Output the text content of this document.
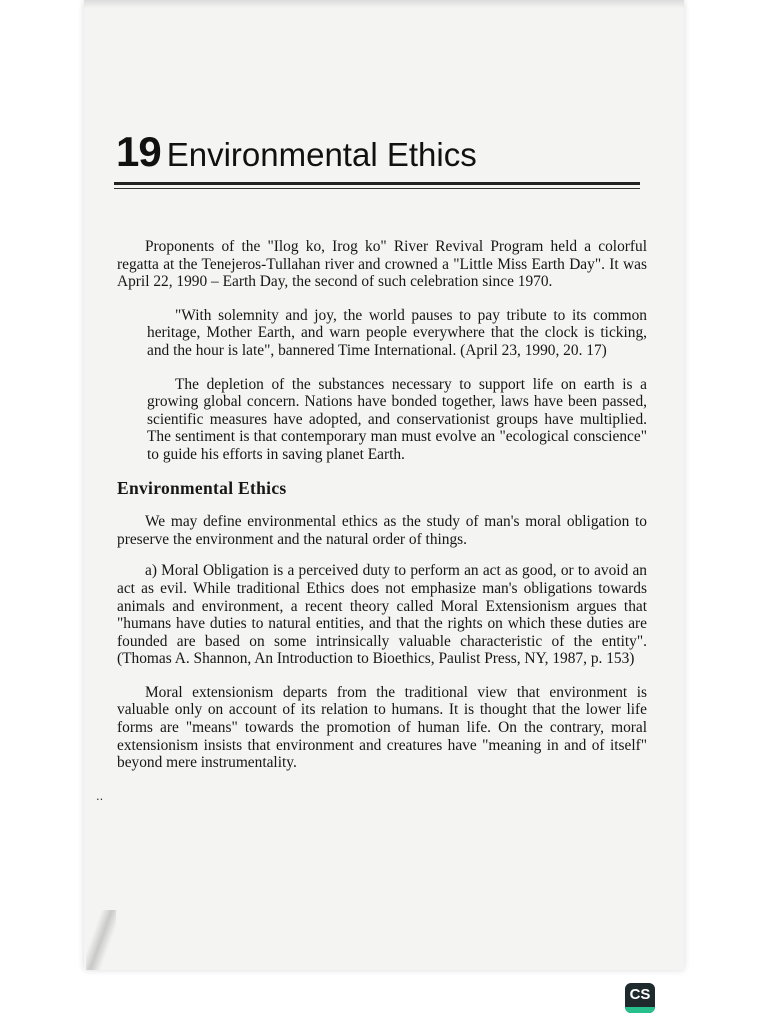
19 Environmental Ethics

Proponents of the "Ilog ko, Irog ko" River Revival Program held a colorful regatta at the Tenejeros-Tullahan river and crowned a "Little Miss Earth Day". It was April 22, 1990 – Earth Day, the second of such celebration since 1970.

"With solemnity and joy, the world pauses to pay tribute to its common heritage, Mother Earth, and warn people everywhere that the clock is ticking, and the hour is late", bannered Time International. (April 23, 1990, 20. 17)

The depletion of the substances necessary to support life on earth is a growing global concern. Nations have bonded together, laws have been passed, scientific measures have adopted, and conservationist groups have multiplied. The sentiment is that contemporary man must evolve an "ecological conscience" to guide his efforts in saving planet Earth.

Environmental Ethics

We may define environmental ethics as the study of man's moral obligation to preserve the environment and the natural order of things.

a) Moral Obligation is a perceived duty to perform an act as good, or to avoid an act as evil. While traditional Ethics does not emphasize man's obligations towards animals and environment, a recent theory called Moral Extensionism argues that "humans have duties to natural entities, and that the rights on which these duties are founded are based on some intrinsically valuable characteristic of the entity". (Thomas A. Shannon, An Introduction to Bioethics, Paulist Press, NY, 1987, p. 153)

Moral extensionism departs from the traditional view that environment is valuable only on account of its relation to humans. It is thought that the lower life forms are "means" towards the promotion of human life. On the contrary, moral extensionism insists that environment and creatures have "meaning in and of itself" beyond mere instrumentality.

..
CS
